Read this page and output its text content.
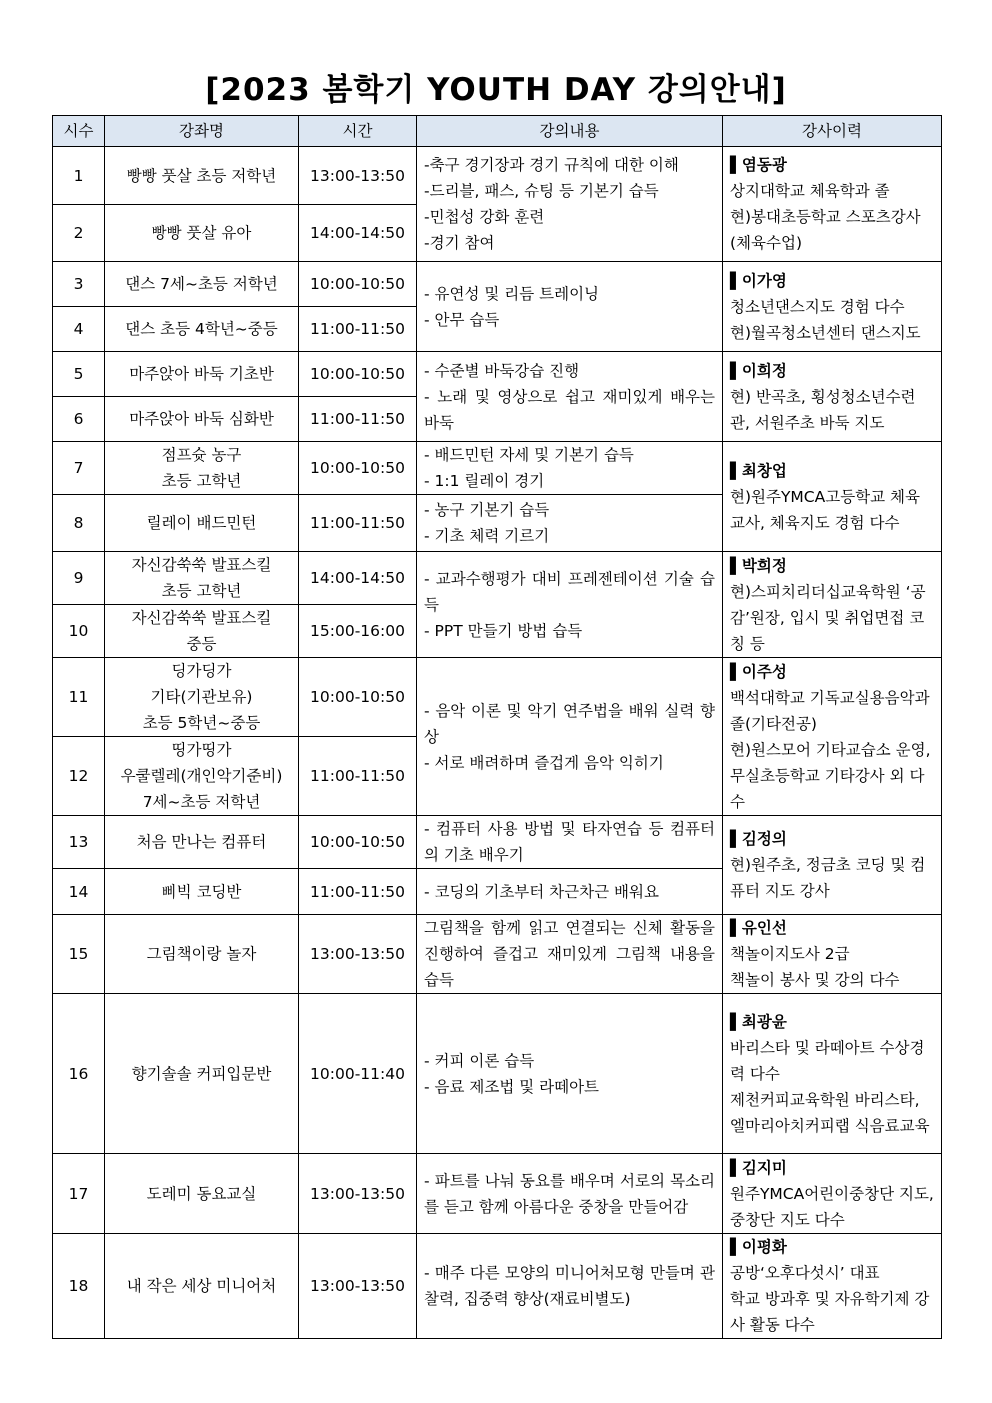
[2023 봄학기 YOUTH DAY 강의안내]
시수	강좌명	시간	강의내용	강사이력
1	빵빵 풋살 초등 저학년	13:00-13:50	-축구 경기장과 경기 규칙에 대한 이해
-드리블, 패스, 슈팅 등 기본기 습득
-민첩성 강화 훈련
-경기 참여	▌염동광
상지대학교 체육학과 졸
현)봉대초등학교 스포츠강사(체육수업)

2	빵빵 풋살 유아	14:00-14:50		
3	댄스 7세~초등 저학년	10:00-10:50	- 유연성 및 리듬 트레이닝
- 안무 습득	▌이가영
청소년댄스지도 경험 다수
현)월곡청소년센터 댄스지도

4	댄스 초등 4학년~중등	11:00-11:50		
5	마주앉아 바둑 기초반	10:00-10:50	- 수준별 바둑강습 진행
- 노래 및 영상으로 쉽고 재미있게 배우는 바둑	▌이희정
현) 반곡초, 횡성청소년수련관, 서원주초 바둑 지도

6	마주앉아 바둑 심화반	11:00-11:50		
7	점프슛 농구
초등 고학년	10:00-10:50	- 배드민턴 자세 및 기본기 습득
- 1:1 릴레이 경기	▌최창업
현)원주YMCA고등학교 체육교사, 체육지도 경험 다수

8	릴레이 배드민턴	11:00-11:50	- 농구 기본기 습득
- 기초 체력 기르기	

9	자신감쑥쑥 발표스킬
초등 고학년	14:00-14:50	- 교과수행평가 대비 프레젠테이션 기술 습득
- PPT 만들기 방법 습득	▌박희정
현)스피치리더십교육학원 ‘공감’원장, 입시 및 취업면접 코칭 등

10	자신감쑥쑥 발표스킬
중등	15:00-16:00		
11	딩가딩가
기타(기관보유)
초등 5학년~중등	10:00-10:50	- 음악 이론 및 악기 연주법을 배워 실력 향상
- 서로 배려하며 즐겁게 음악 익히기	▌이주성
백석대학교 기독교실용음악과 졸(기타전공)
현)원스모어 기타교습소 운영, 무실초등학교 기타강사 외 다수

12	띵가띵가
우쿨렐레(개인악기준비)
7세~초등 저학년	11:00-11:50		
13	처음 만나는 컴퓨터	10:00-10:50	- 컴퓨터 사용 방법 및 타자연습 등 컴퓨터의 기초 배우기	▌김정의
현)원주초, 정금초 코딩 및 컴퓨터 지도 강사

14	삐빅 코딩반	11:00-11:50	- 코딩의 기초부터 차근차근 배워요	

15	그림책이랑 놀자	13:00-13:50	그림책을 함께 읽고 연결되는 신체 활동을 진행하여 즐겁고 재미있게 그림책 내용을 습득	▌유인선
책놀이지도사 2급
책놀이 봉사 및 강의 다수

16	향기솔솔 커피입문반	10:00-11:40	- 커피 이론 습득
- 음료 제조법 및 라떼아트	▌최광윤
바리스타 및 라떼아트 수상경력 다수
제천커피교육학원 바리스타,엘마리아치커피랩 식음료교육

17	도레미 동요교실	13:00-13:50	- 파트를 나눠 동요를 배우며 서로의 목소리를 듣고 함께 아름다운 중창을 만들어감	▌김지미
원주YMCA어린이중창단 지도, 중창단 지도 다수

18	내 작은 세상 미니어처	13:00-13:50	- 매주 다른 모양의 미니어처모형 만들며 관찰력, 집중력 향상(재료비별도)	▌이평화
공방‘오후다섯시’ 대표
학교 방과후 및 자유학기제 강사 활동 다수
